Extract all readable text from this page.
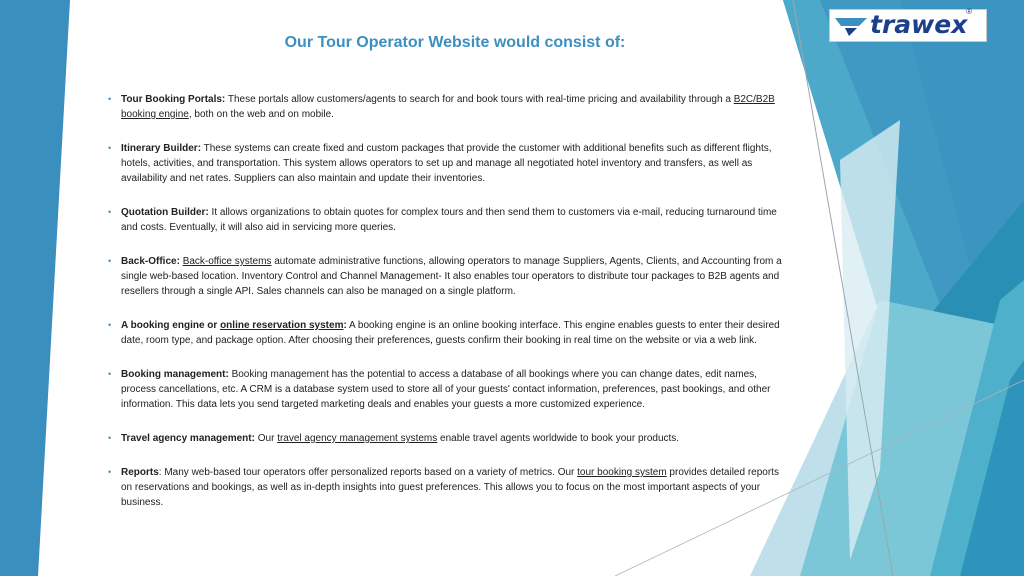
trawex
®
Our Tour Operator Website would consist of:
• Tour Booking Portals: These portals allow customers/agents to search for and book tours with real-time pricing and availability through a B2C/B2B booking engine, both on the web and on mobile.
• Itinerary Builder: These systems can create fixed and custom packages that provide the customer with additional benefits such as different flights, hotels, activities, and transportation. This system allows operators to set up and manage all negotiated hotel inventory and transfers, as well as availability and net rates. Suppliers can also maintain and update their inventories.
• Quotation Builder: It allows organizations to obtain quotes for complex tours and then send them to customers via e-mail, reducing turnaround time and costs. Eventually, it will also aid in servicing more queries.
• Back-Office: Back-office systems automate administrative functions, allowing operators to manage Suppliers, Agents, Clients, and Accounting from a single web-based location. Inventory Control and Channel Management- It also enables tour operators to distribute tour packages to B2B agents and resellers through a single API. Sales channels can also be managed on a single platform.
• A booking engine or online reservation system: A booking engine is an online booking interface. This engine enables guests to enter their desired date, room type, and package option. After choosing their preferences, guests confirm their booking in real time on the website or via a web link.
• Booking management: Booking management has the potential to access a database of all bookings where you can change dates, edit names, process cancellations, etc. A CRM is a database system used to store all of your guests' contact information, preferences, past bookings, and other information. This data lets you send targeted marketing deals and enables your guests a more customized experience.
• Travel agency management: Our travel agency management systems enable travel agents worldwide to book your products.
• Reports: Many web-based tour operators offer personalized reports based on a variety of metrics. Our tour booking system provides detailed reports on reservations and bookings, as well as in-depth insights into guest preferences. This allows you to focus on the most important aspects of your business.
